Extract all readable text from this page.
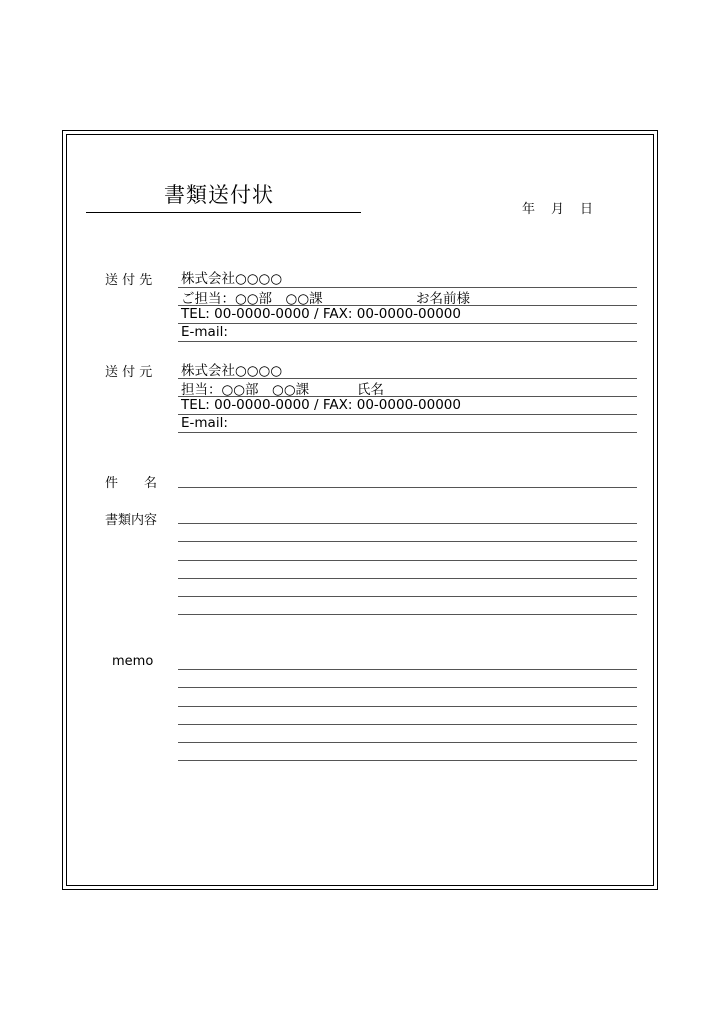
書類送付状
年 月 日
送 付 先 株式会社○○○○
ご担当：○○部　○○課	お名前様
TEL: 00-0000-0000 / FAX: 00-0000-00000
E-mail:
送 付 元 株式会社○○○○
担当：○○部　○○課	氏名
TEL: 00-0000-0000 / FAX: 00-0000-00000
E-mail:
件　　名
書類内容
memo
